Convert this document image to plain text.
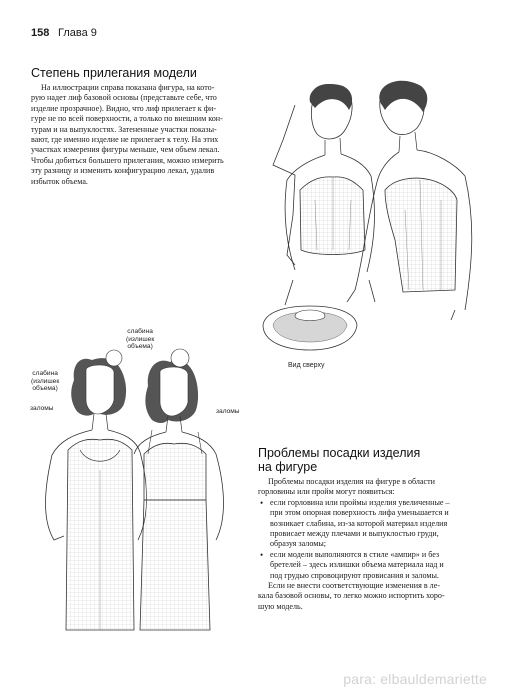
158 Глава 9
Степень прилегания модели

На иллюстрации справа показана фигура, на кото-

рую надет лиф базовой основы (представьте себе, что

изделие прозрачное). Видно, что лиф прилегает к фи-

гуре не по всей поверхности, а только по внешним кон-

турам и на выпуклостях. Затененные участки показы-

вают, где именно изделие не прилегает к телу. На этих

участках измерения фигуры меньше, чем объем лекал.

Чтобы добиться большего прилегания, можно измерить

эту разницу и изменить конфигурацию лекал, удалив

избыток объема.

Вид сверху
слабина
(излишек
объема)
слабина
(излишек
объема)
заломы	заломы
Проблемы посадки изделия
на фигуре

Проблемы посадки изделия на фигуре в области

горловины или пройм могут появиться:

• если горловина или проймы изделия увеличенные –

при этом опорная поверхность лифа уменьшается и

возникает слабина, из-за которой материал изделия

провисает между плечами и выпуклостью груди,

образуя заломы;

• если модели выполняются в стиле «ампир» и без

бретелей – здесь излишки объема материала над и

под грудью спровоцируют провисания и заломы.

Если не внести соответствующие изменения в ле-

кала базовой основы, то легко можно испортить хоро-

шую модель.

para: elbauldemariette
